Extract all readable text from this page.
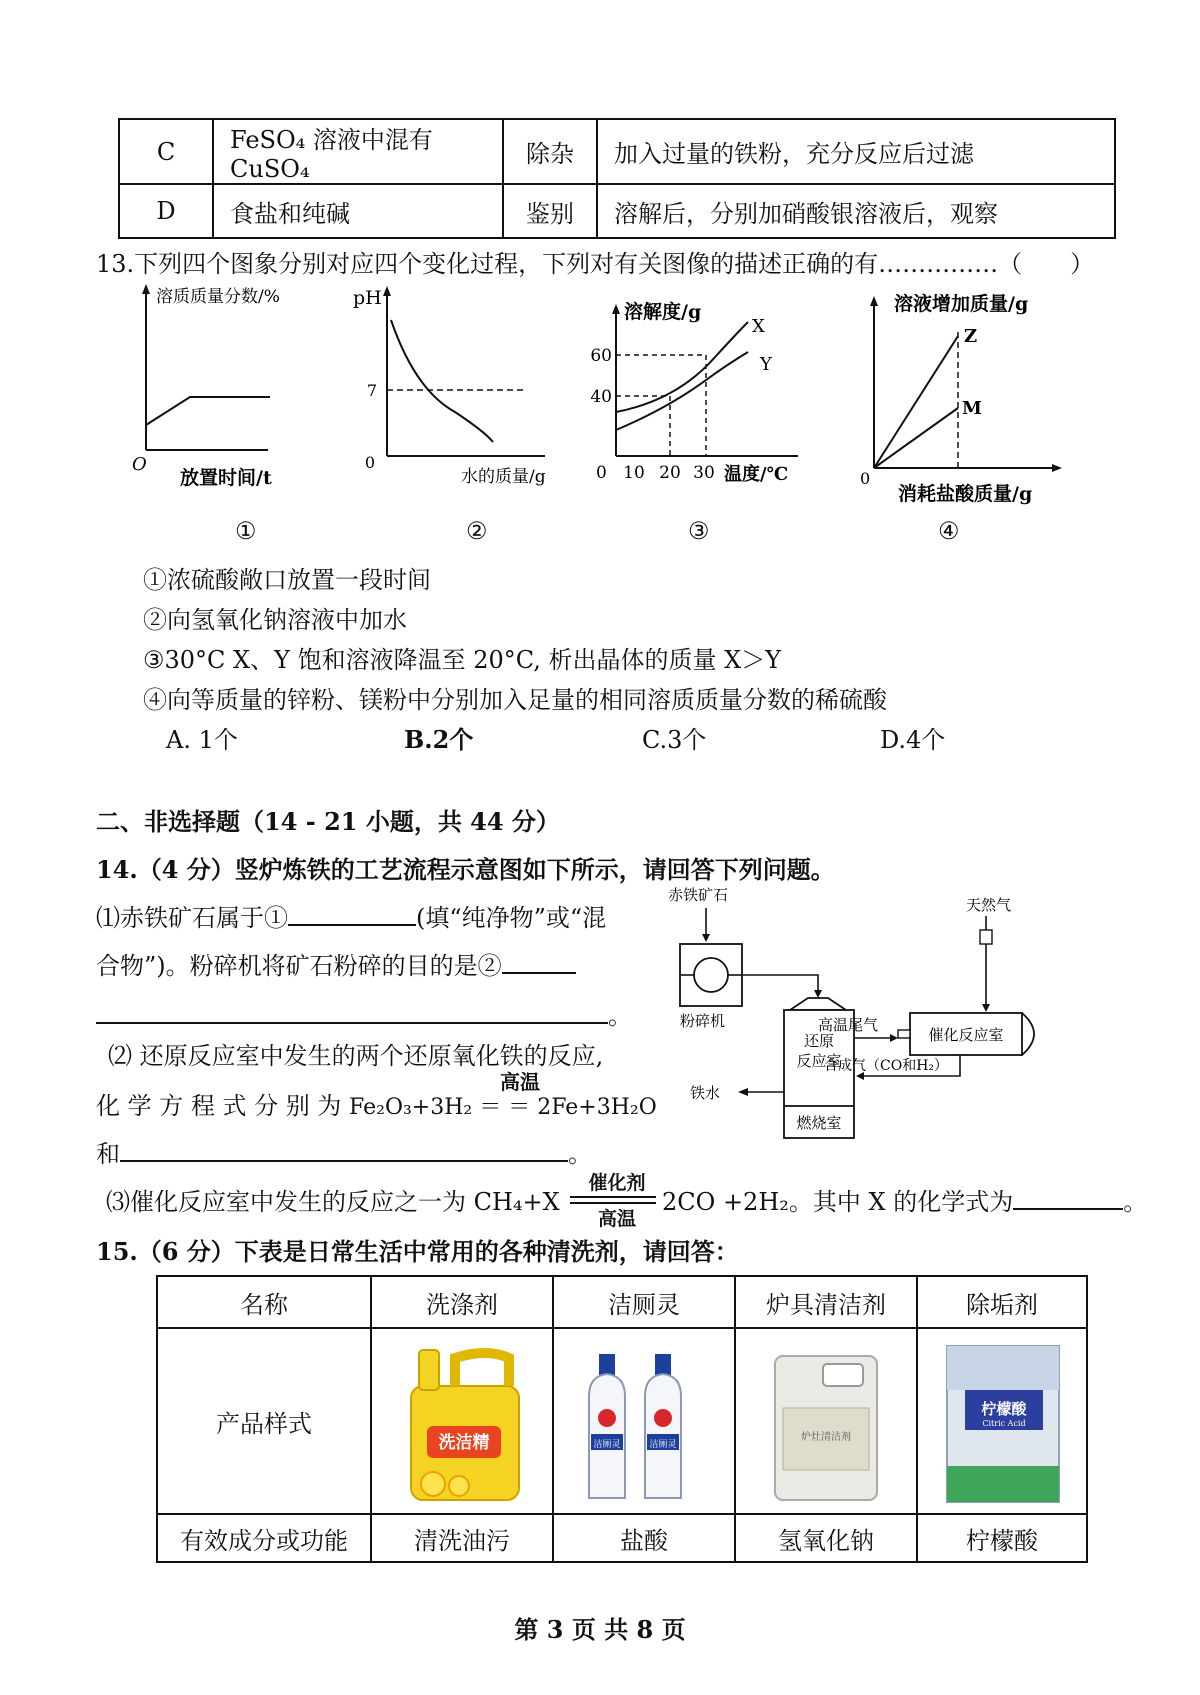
C	FeSO₄ 溶液中混有 CuSO₄	除杂	加入过量的铁粉，充分反应后过滤
D	食盐和纯碱	鉴别	溶解后，分别加硝酸银溶液后，观察
13.下列四个图象分别对应四个变化过程，下列对有关图像的描述正确的有……………（　　）
溶质质量分数/%
O
放置时间/t
①
pH
7
0
水的质量/g
②
溶解度/g
60
40
0 10 20 30 温度/℃
X
Y
③
溶液增加质量/g
Z
M
0
消耗盐酸质量/g
④
①浓硫酸敞口放置一段时间
②向氢氧化钠溶液中加水
③30°C X、Y 饱和溶液降温至 20°C, 析出晶体的质量 X＞Y
④向等质量的锌粉、镁粉中分别加入足量的相同溶质质量分数的稀硫酸
A. 1个	B.2个	C.3个	D.4个
二、非选择题（14 - 21 小题，共 44 分）
14.（4 分）竖炉炼铁的工艺流程示意图如下所示，请回答下列问题。
⑴赤铁矿石属于①	(填“纯净物”或“混
合物”)。粉碎机将矿石粉碎的目的是②
。
⑵ 还原反应室中发生的两个还原氧化铁的反应,
高温
化 学 方 程 式 分 别 为 Fe₂O₃+3H₂ ＝ ＝ 2Fe+3H₂O
和	。
⑶催化反应室中发生的反应之一为 CH₄+X
催化剂
高温
2CO +2H₂。其中 X 的化学式为	。
赤铁矿石
粉碎机
还原
反应室
燃烧室
铁水
催化反应室
天然气
高温尾气
合成气（CO和H₂）
15.（6 分）下表是日常生活中常用的各种清洗剂，请回答：
名称	洗涤剂	洁厕灵	炉具清洁剂	除垢剂
产品样式	洗洁精	洁厕灵 洁厕灵	炉灶清洁剂	柠檬酸
Citric Acid

有效成分或功能	清洗油污	盐酸	氢氧化钠	柠檬酸
第 3 页 共 8 页
